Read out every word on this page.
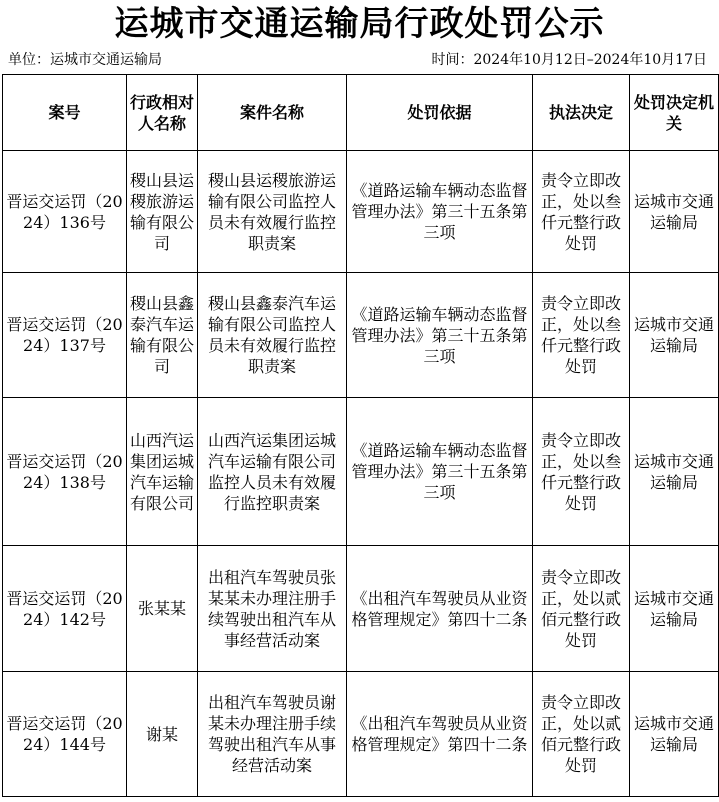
运城市交通运输局行政处罚公示
单位：运城市交通运输局	时间：2024年10月12日–2024年10月17日
案号	行政相对人名称	案件名称	处罚依据	执法决定	处罚决定机关
晋运交运罚（2024）136号	稷山县运稷旅游运输有限公司	稷山县运稷旅游运输有限公司监控人员未有效履行监控职责案	《道路运输车辆动态监督管理办法》第三十五条第三项	责令立即改正，处以叁仟元整行政处罚	运城市交通运输局
晋运交运罚（2024）137号	稷山县鑫泰汽车运输有限公司	稷山县鑫泰汽车运输有限公司监控人员未有效履行监控职责案	《道路运输车辆动态监督管理办法》第三十五条第三项	责令立即改正，处以叁仟元整行政处罚	运城市交通运输局
晋运交运罚（2024）138号	山西汽运集团运城汽车运输有限公司	山西汽运集团运城汽车运输有限公司监控人员未有效履行监控职责案	《道路运输车辆动态监督管理办法》第三十五条第三项	责令立即改正，处以叁仟元整行政处罚	运城市交通运输局
晋运交运罚（2024）142号	张某某	出租汽车驾驶员张某某未办理注册手续驾驶出租汽车从事经营活动案	《出租汽车驾驶员从业资格管理规定》第四十二条	责令立即改正，处以贰佰元整行政处罚	运城市交通运输局
晋运交运罚（2024）144号	谢某	出租汽车驾驶员谢某未办理注册手续驾驶出租汽车从事经营活动案	《出租汽车驾驶员从业资格管理规定》第四十二条	责令立即改正，处以贰佰元整行政处罚	运城市交通运输局
